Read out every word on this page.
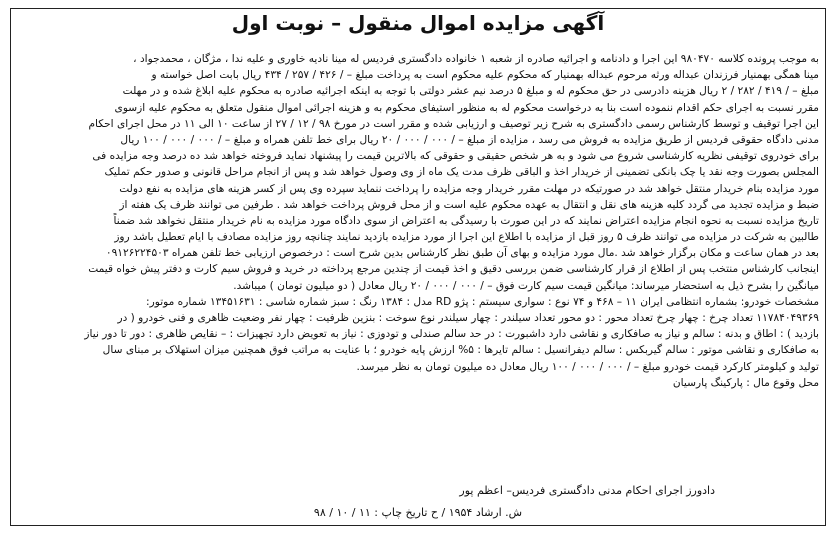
آگهی مزایده اموال منقول – نوبت اول
به موجب پرونده کلاسه ۹۸۰۴۷۰ این اجرا و دادنامه و اجرائیه صادره از شعبه ۱ خانواده دادگستری فردیس له مینا نادیه خاوری و علیه ندا ، مژگان ، محمدجواد ،
مینا همگی بهمنیار فرزندان عبداله ورثه مرحوم عبداله بهمنیار که محکوم علیه محکوم است به پرداخت مبلغ – / ۴۲۶ / ۲۵۷ / ۴۳۴ ریال بابت اصل خواسته و
مبلغ – / ۴۱۹ / ۲۸۲ / ۲ ریال هزینه دادرسی در حق محکوم له و مبلغ ۵ درصد نیم عشر دولتی با توجه به اینکه اجرائیه صادره به محکوم علیه ابلاغ شده و در مهلت
مقرر نسبت به اجرای حکم اقدام ننموده است بنا به درخواست محکوم له به منظور استیفای محکوم به و هزینه اجرائی اموال منقول متعلق به محکوم علیه ازسوی
این اجرا توقیف و توسط کارشناس رسمی دادگستری به شرح زیر توصیف و ارزیابی شده و مقرر است در مورخ ۹۸ / ۱۲ / ۲۷ از ساعت ۱۰ الی ۱۱ در محل اجرای احکام
مدنی دادگاه حقوقی فردیس از طریق مزایده به فروش می رسد ، مزایده از مبلغ – / ۰۰۰ / ۰۰۰ / ۲۰ ریال برای خط تلفن همراه و مبلغ – / ۰۰۰ / ۰۰۰ / ۱۰۰ ریال
برای خودروی توقیفی نظریه کارشناسی شروع می شود و به هر شخص حقیقی و حقوقی که بالاترین قیمت را پیشنهاد نماید فروخته خواهد شد ده درصد وجه مزایده فی
المجلس بصورت وجه نقد یا چک بانکی تضمینی از خریدار اخذ و الباقی ظرف مدت یک ماه از وی وصول خواهد شد و پس از انجام مراحل قانونی و صدور حکم تملیک
مورد مزایده بنام خریدار منتقل خواهد شد در صورتیکه در مهلت مقرر خریدار وجه مزایده را پرداخت ننماید سپرده وی پس از کسر هزینه های مزایده به نفع دولت
ضبط و مزایده تجدید می گردد کلیه هزینه های نقل و انتقال به عهده محکوم علیه است و از محل فروش پرداخت خواهد شد . طرفین می توانند ظرف یک هفته از
تاریخ مزایده نسبت به نحوه انجام مزایده اعتراض نمایند که در این صورت با رسیدگی به اعتراض از سوی دادگاه مورد مزایده به نام خریدار منتقل نخواهد شد ضمناً
طالبین به شرکت در مزایده می توانند ظرف ۵ روز قبل از مزایده با اطلاع این اجرا از مورد مزایده بازدید نمایند چنانچه روز مزایده مصادف با ایام تعطیل باشد روز
بعد در همان ساعت و مکان برگزار خواهد شد .مال مورد مزایده و بهای آن طبق نظر کارشناس بدین شرح است : درخصوص ارزیابی خط تلفن همراه ۰۹۱۲۶۲۲۴۵۰۳
اینجانب کارشناس منتخب پس از اطلاع از قرار کارشناسی ضمن بررسی دقیق و اخذ قیمت از چندین مرجع پرداخته در خرید و فروش سیم کارت و دفتر پیش خواه قیمت
میانگین را بشرح ذیل به استحضار میرساند: میانگین قیمت سیم کارت فوق – / ۰۰۰ / ۰۰۰ / ۲۰ ریال معادل ( دو میلیون تومان ) میباشد.
مشخصات خودرو: بشماره انتظامی ایران ۱۱ – ۴۶۸ و ۷۴ نوع : سواری سیستم : پژو RD مدل : ۱۳۸۴ رنگ : سبز شماره شاسی : ۱۳۴۵۱۶۳۱ شماره موتور:
۱۱۷۸۴۰۴۹۳۶۹ تعداد چرخ : چهار چرخ تعداد محور : دو محور تعداد سیلندر : چهار سیلندر نوع سوخت : بنزین ظرفیت : چهار نفر وضعیت ظاهری و فنی خودرو ( در
بازدید ) : اطاق و بدنه : سالم و نیاز به صافکاری و نقاشی دارد داشبورت : در حد سالم صندلی و تودوزی : نیاز به تعویض دارد تجهیزات : – نقایص ظاهری : دور تا دور نیاز
به صافکاری و نقاشی موتور : سالم گیربکس : سالم دیفرانسیل : سالم تایرها : ۵% ارزش پایه خودرو ؛ با عنایت به مراتب فوق همچنین میزان استهلاک بر مبنای سال
تولید و کیلومتر کارکرد قیمت خودرو مبلغ – / ۰۰۰ / ۰۰۰ / ۱۰۰ ریال معادل ده میلیون تومان به نظر میرسد.
محل وقوع مال : پارکینگ پارسیان
دادورز اجرای احکام مدنی دادگستری فردیس– اعظم پور
ش. ارشاد ۱۹۵۴ / ح تاریخ چاپ : ۱۱ / ۱۰ / ۹۸
